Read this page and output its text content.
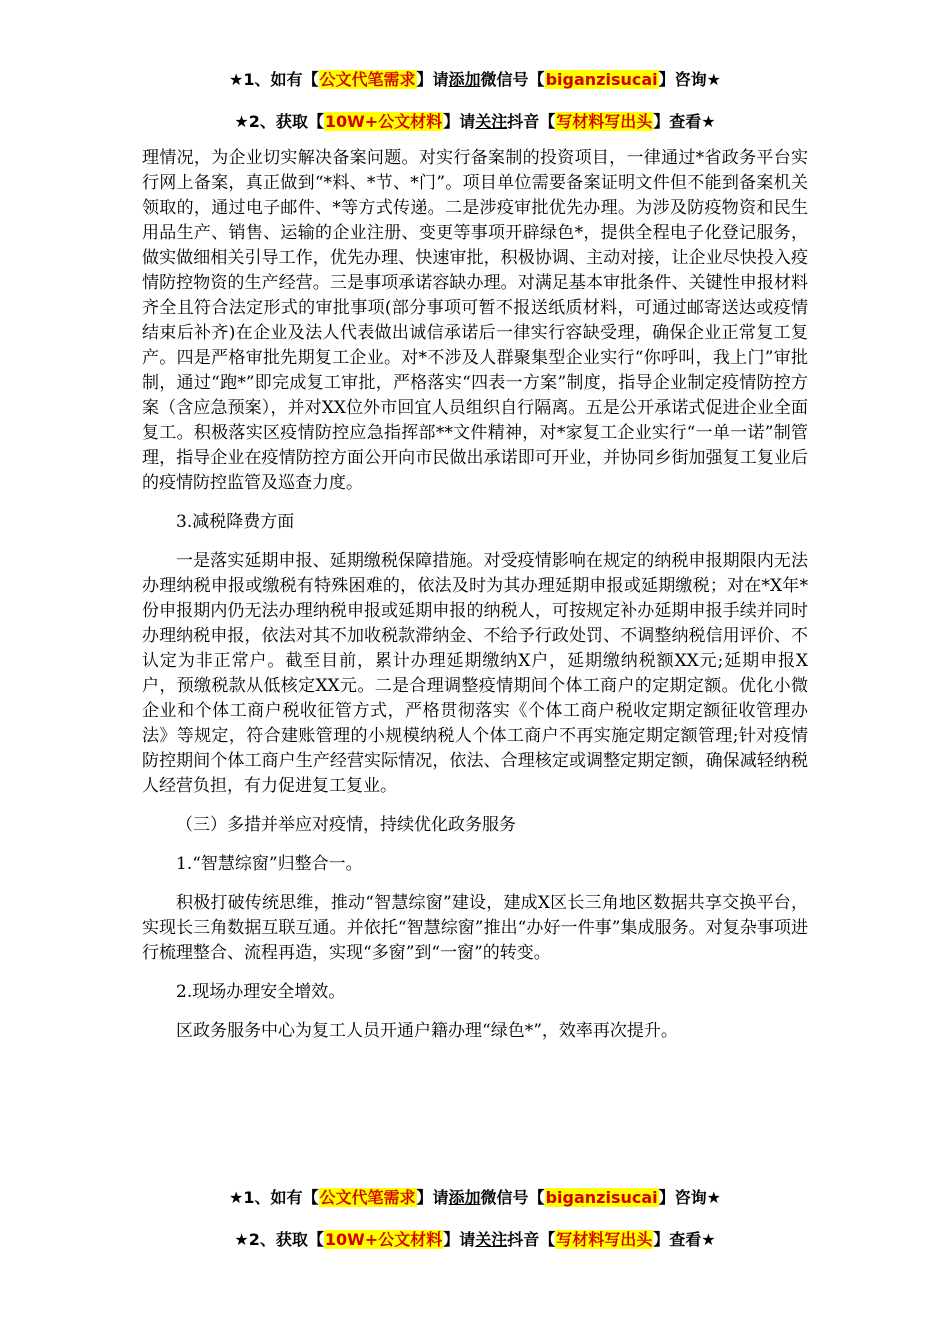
★1、如有【公文代笔需求】请添加微信号【biganzisucai】咨询★
★2、获取【10W+公文材料】请关注抖音【写材料写出头】查看★

理情况，为企业切实解决备案问题。对实行备案制的投资项目，一律通过*省政务平台实行网上备案，真正做到“*料、*节、*门”。项目单位需要备案证明文件但不能到备案机关领取的，通过电子邮件、*等方式传递。二是涉疫审批优先办理。为涉及防疫物资和民生用品生产、销售、运输的企业注册、变更等事项开辟绿色*，提供全程电子化登记服务，做实做细相关引导工作，优先办理、快速审批，积极协调、主动对接，让企业尽快投入疫情防控物资的生产经营。三是事项承诺容缺办理。对满足基本审批条件、关键性申报材料齐全且符合法定形式的审批事项(部分事项可暂不报送纸质材料，可通过邮寄送达或疫情结束后补齐)在企业及法人代表做出诚信承诺后一律实行容缺受理，确保企业正常复工复产。四是严格审批先期复工企业。对*不涉及人群聚集型企业实行“你呼叫，我上门”审批制，通过“跑*”即完成复工审批，严格落实“四表一方案”制度，指导企业制定疫情防控方案（含应急预案），并对XX位外市回宜人员组织自行隔离。五是公开承诺式促进企业全面复工。积极落实区疫情防控应急指挥部**文件精神，对*家复工企业实行“一单一诺”制管理，指导企业在疫情防控方面公开向市民做出承诺即可开业，并协同乡街加强复工复业后的疫情防控监管及巡查力度。

3.减税降费方面

一是落实延期申报、延期缴税保障措施。对受疫情影响在规定的纳税申报期限内无法办理纳税申报或缴税有特殊困难的，依法及时为其办理延期申报或延期缴税；对在*X年*份申报期内仍无法办理纳税申报或延期申报的纳税人，可按规定补办延期申报手续并同时办理纳税申报，依法对其不加收税款滞纳金、不给予行政处罚、不调整纳税信用评价、不认定为非正常户。截至目前，累计办理延期缴纳X户，延期缴纳税额XX元;延期申报X户，预缴税款从低核定XX元。二是合理调整疫情期间个体工商户的定期定额。优化小微企业和个体工商户税收征管方式，严格贯彻落实《个体工商户税收定期定额征收管理办法》等规定，符合建账管理的小规模纳税人个体工商户不再实施定期定额管理;针对疫情防控期间个体工商户生产经营实际情况，依法、合理核定或调整定期定额，确保减轻纳税人经营负担，有力促进复工复业。

（三）多措并举应对疫情，持续优化政务服务

1.“智慧综窗”归整合一。

积极打破传统思维，推动“智慧综窗”建设，建成X区长三角地区数据共享交换平台，实现长三角数据互联互通。并依托“智慧综窗”推出“办好一件事”集成服务。对复杂事项进行梳理整合、流程再造，实现“多窗”到“一窗”的转变。

2.现场办理安全增效。

区政务服务中心为复工人员开通户籍办理“绿色*”，效率再次提升。

★1、如有【公文代笔需求】请添加微信号【biganzisucai】咨询★
★2、获取【10W+公文材料】请关注抖音【写材料写出头】查看★
